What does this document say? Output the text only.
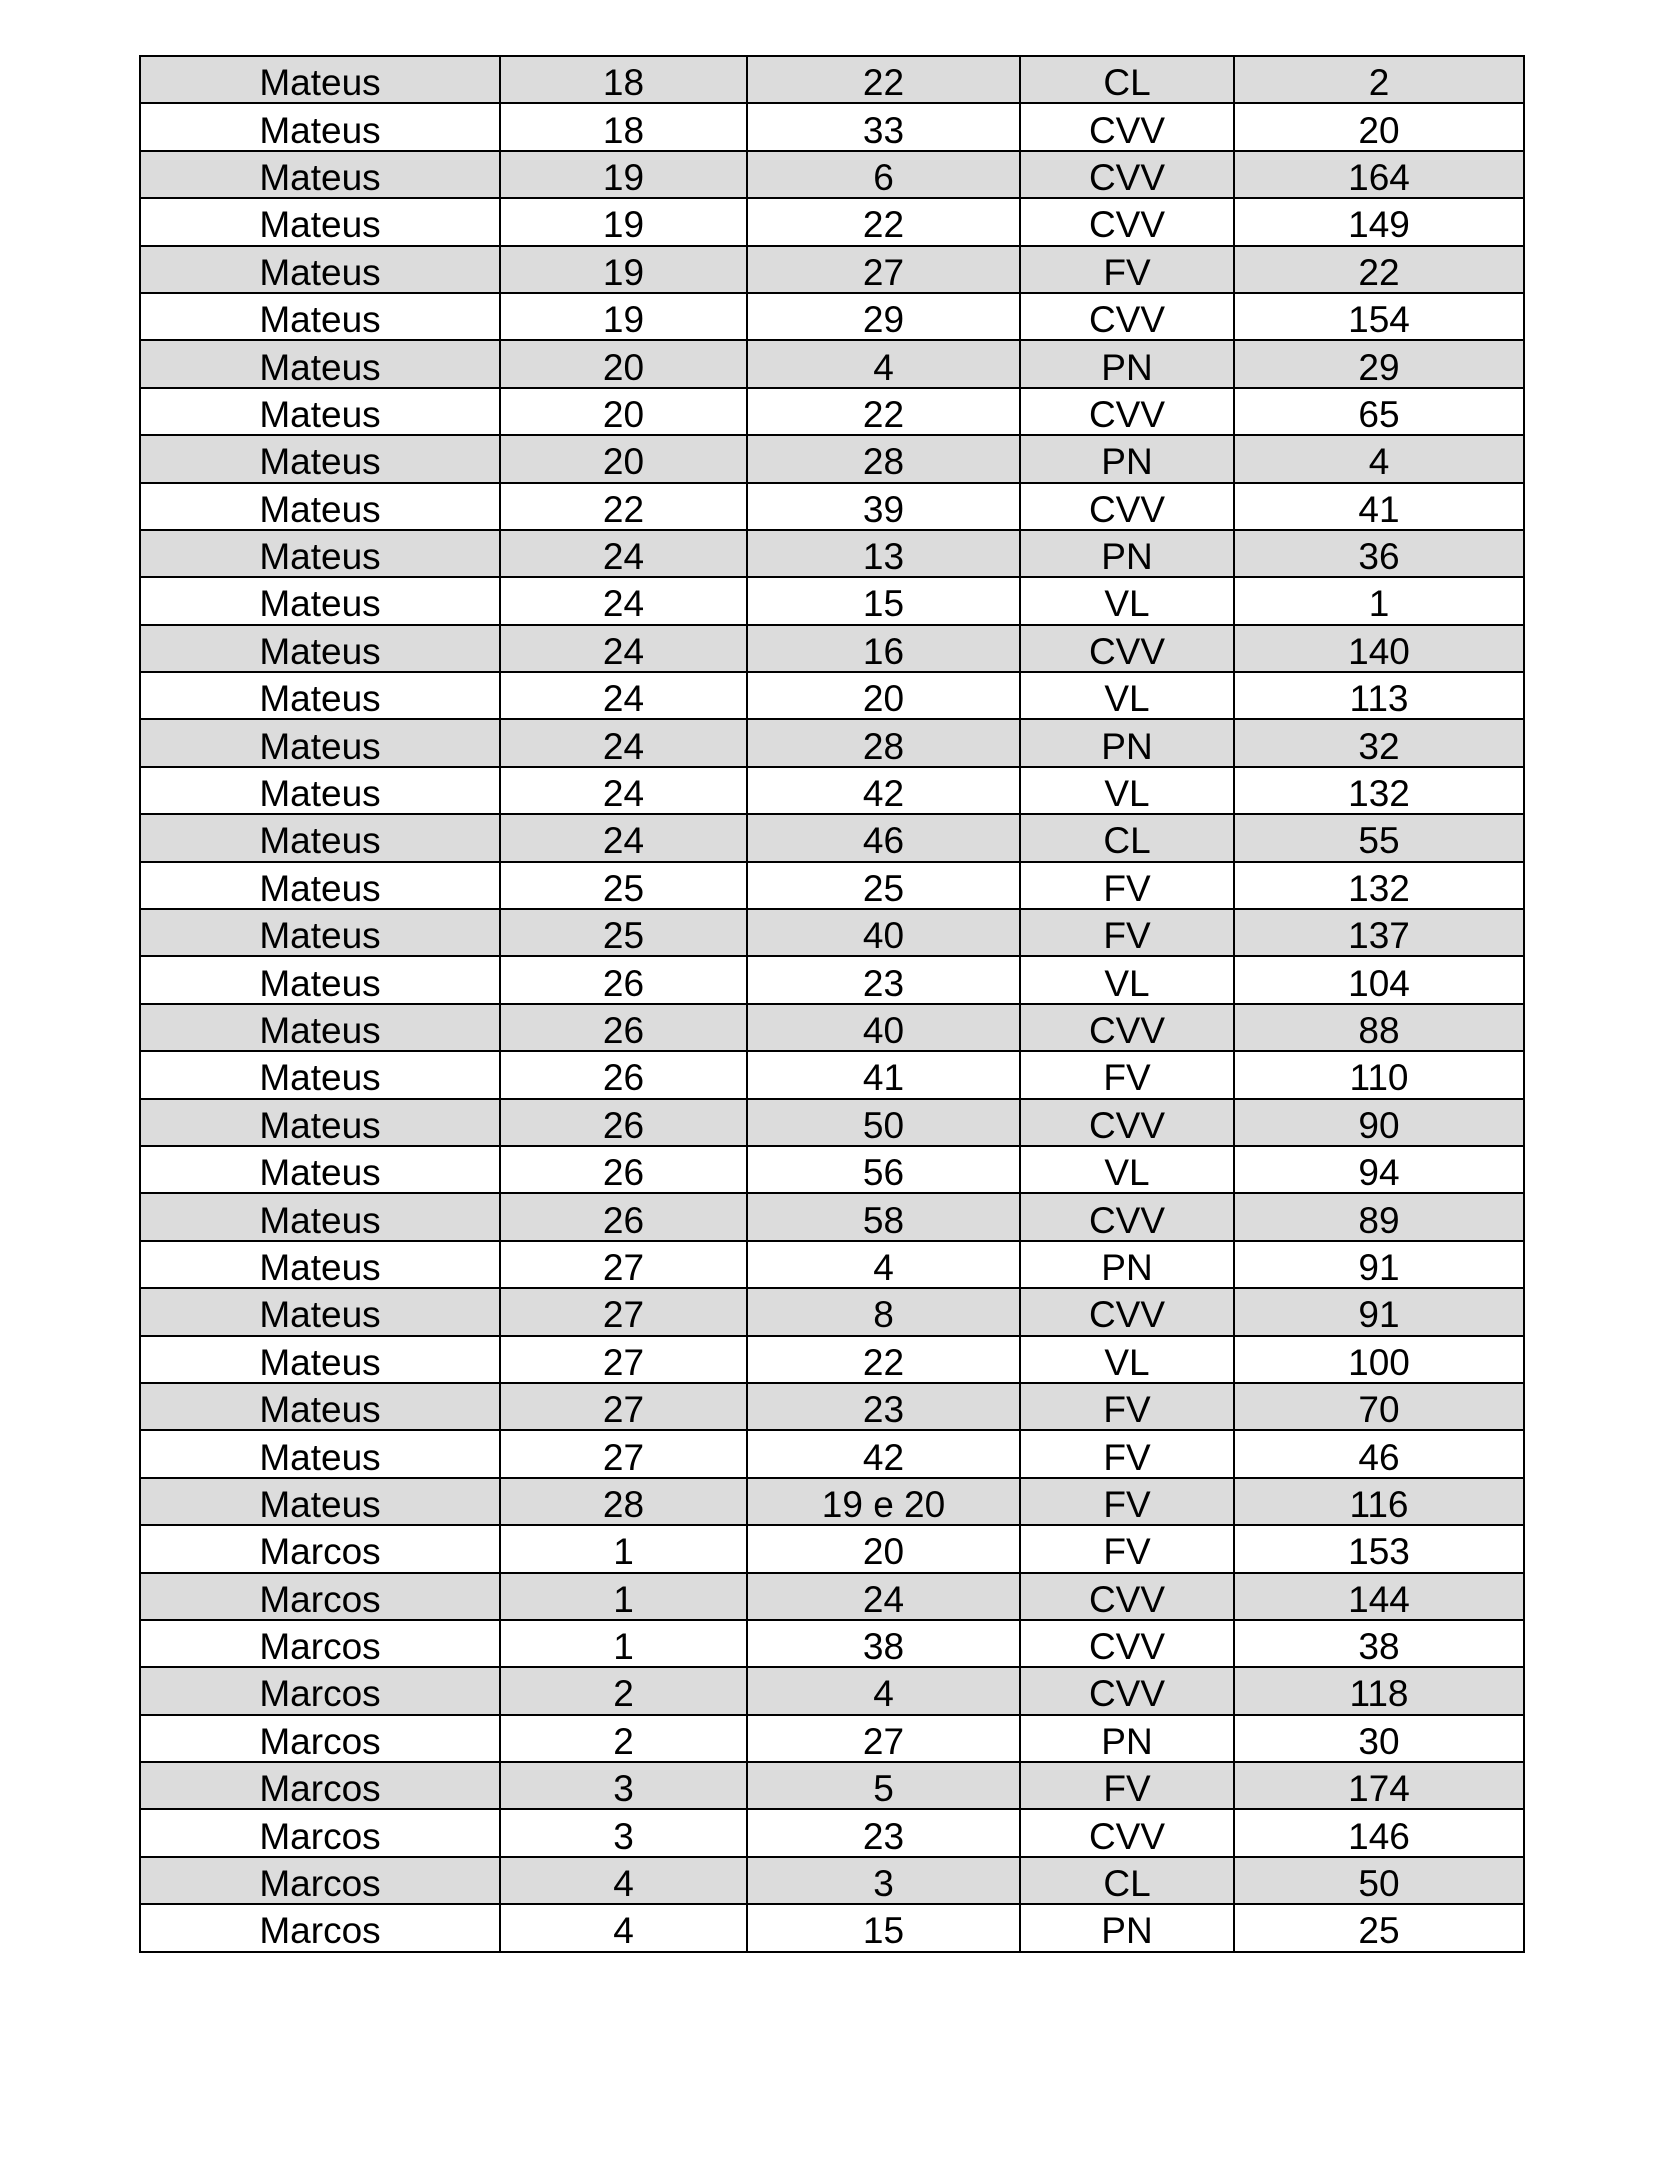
Mateus	18	22	CL	2
Mateus	18	33	CVV	20
Mateus	19	6	CVV	164
Mateus	19	22	CVV	149
Mateus	19	27	FV	22
Mateus	19	29	CVV	154
Mateus	20	4	PN	29
Mateus	20	22	CVV	65
Mateus	20	28	PN	4
Mateus	22	39	CVV	41
Mateus	24	13	PN	36
Mateus	24	15	VL	1
Mateus	24	16	CVV	140
Mateus	24	20	VL	113
Mateus	24	28	PN	32
Mateus	24	42	VL	132
Mateus	24	46	CL	55
Mateus	25	25	FV	132
Mateus	25	40	FV	137
Mateus	26	23	VL	104
Mateus	26	40	CVV	88
Mateus	26	41	FV	110
Mateus	26	50	CVV	90
Mateus	26	56	VL	94
Mateus	26	58	CVV	89
Mateus	27	4	PN	91
Mateus	27	8	CVV	91
Mateus	27	22	VL	100
Mateus	27	23	FV	70
Mateus	27	42	FV	46
Mateus	28	19 e 20	FV	116
Marcos	1	20	FV	153
Marcos	1	24	CVV	144
Marcos	1	38	CVV	38
Marcos	2	4	CVV	118
Marcos	2	27	PN	30
Marcos	3	5	FV	174
Marcos	3	23	CVV	146
Marcos	4	3	CL	50
Marcos	4	15	PN	25
